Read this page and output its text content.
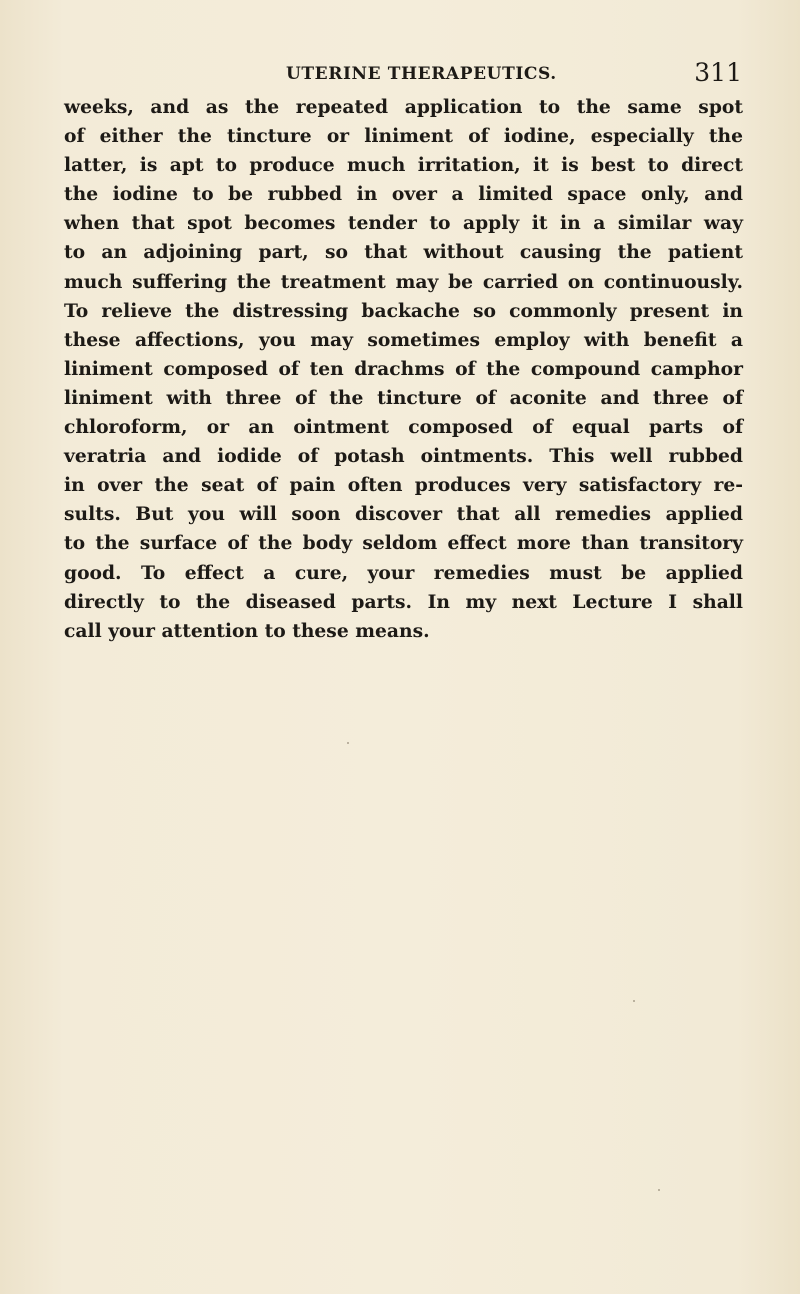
UTERINE THERAPEUTICS.	311
weeks, and as the repeated application to the same spot
of either the tincture or liniment of iodine, especially the
latter, is apt to produce much irritation, it is best to direct
the iodine to be rubbed in over a limited space only, and
when that spot becomes tender to apply it in a similar way
to an adjoining part, so that without causing the patient
much suffering the treatment may be carried on continuously.
To relieve the distressing backache so commonly present in
these affections, you may sometimes employ with benefit a
liniment composed of ten drachms of the compound camphor
liniment with three of the tincture of aconite and three of
chloroform, or an ointment composed of equal parts of
veratria and iodide of potash ointments. This well rubbed
in over the seat of pain often produces very satisfactory re-
sults. But you will soon discover that all remedies applied
to the surface of the body seldom effect more than transitory
good. To effect a cure, your remedies must be applied
directly to the diseased parts. In my next Lecture I shall
call your attention to these means.
